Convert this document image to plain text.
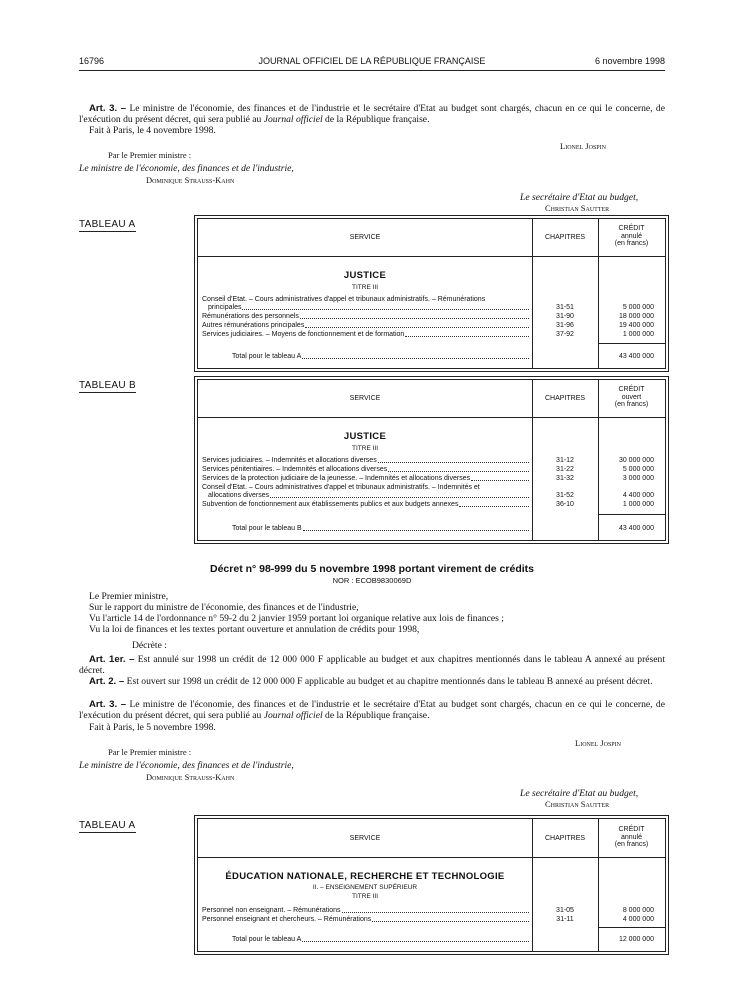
16796	JOURNAL OFFICIEL DE LA RÉPUBLIQUE FRANÇAISE	6 novembre 1998

Art. 3. – Le ministre de l'économie, des finances et de l'industrie et le secrétaire d'Etat au budget sont chargés, chacun en ce qui le concerne, de l'exécution du présent décret, qui sera publié au Journal officiel de la République française.

Fait à Paris, le 4 novembre 1998.

Lionel Jospin

Par le Premier ministre :

Le ministre de l'économie, des finances et de l'industrie,

Dominique Strauss-Kahn

Le secrétaire d'Etat au budget,

Christian Sautter

TABLEAU A
SERVICE	CHAPITRES
CRÉDIT
annulé
(en francs)
JUSTICE
TITRE III
Conseil d'Etat. – Cours administratives d'appel et tribunaux administratifs. – Rémunérations
principales	31-51	5 000 000
Rémunérations des personnels	31-90	18 000 000
Autres rémunérations principales	31-96	19 400 000
Services judiciaires. – Moyens de fonctionnement et de formation	37-92	1 000 000
Total pour le tableau A	43 400 000
TABLEAU B
SERVICE	CHAPITRES
CRÉDIT
ouvert
(en francs)
JUSTICE
TITRE III
Services judiciaires. – Indemnités et allocations diverses	31-12	30 000 000
Services pénitentiaires. – Indemnités et allocations diverses	31-22	5 000 000
Services de la protection judiciaire de la jeunesse. – Indemnités et allocations diverses	31-32	3 000 000
Conseil d'Etat. – Cours administratives d'appel et tribunaux administratifs. – Indemnités et
allocations diverses	31-52	4 400 000
Subvention de fonctionnement aux établissements publics et aux budgets annexes	36-10	1 000 000
Total pour le tableau B	43 400 000
Décret n° 98-999 du 5 novembre 1998 portant virement de crédits
NOR : ECOB9830069D

Le Premier ministre,

Sur le rapport du ministre de l'économie, des finances et de l'industrie,

Vu l'article 14 de l'ordonnance n° 59-2 du 2 janvier 1959 portant loi organique relative aux lois de finances ;

Vu la loi de finances et les textes portant ouverture et annulation de crédits pour 1998,

Décrète :

Art. 1er. – Est annulé sur 1998 un crédit de 12 000 000 F applicable au budget et aux chapitres mentionnés dans le tableau A annexé au présent décret.

Art. 2. – Est ouvert sur 1998 un crédit de 12 000 000 F applicable au budget et au chapitre mentionnés dans le tableau B annexé au présent décret.

Art. 3. – Le ministre de l'économie, des finances et de l'industrie et le secrétaire d'Etat au budget sont chargés, chacun en ce qui le concerne, de l'exécution du présent décret, qui sera publié au Journal officiel de la République française.

Fait à Paris, le 5 novembre 1998.

Lionel Jospin

Par le Premier ministre :

Le ministre de l'économie, des finances et de l'industrie,

Dominique Strauss-Kahn

Le secrétaire d'Etat au budget,

Christian Sautter

TABLEAU A
SERVICE	CHAPITRES
CRÉDIT
annulé
(en francs)
ÉDUCATION NATIONALE, RECHERCHE ET TECHNOLOGIE
II. – ENSEIGNEMENT SUPÉRIEUR
TITRE III
Personnel non enseignant. – Rémunérations	31-05	8 000 000
Personnel enseignant et chercheurs. – Rémunérations	31-11	4 000 000
Total pour le tableau A	12 000 000
